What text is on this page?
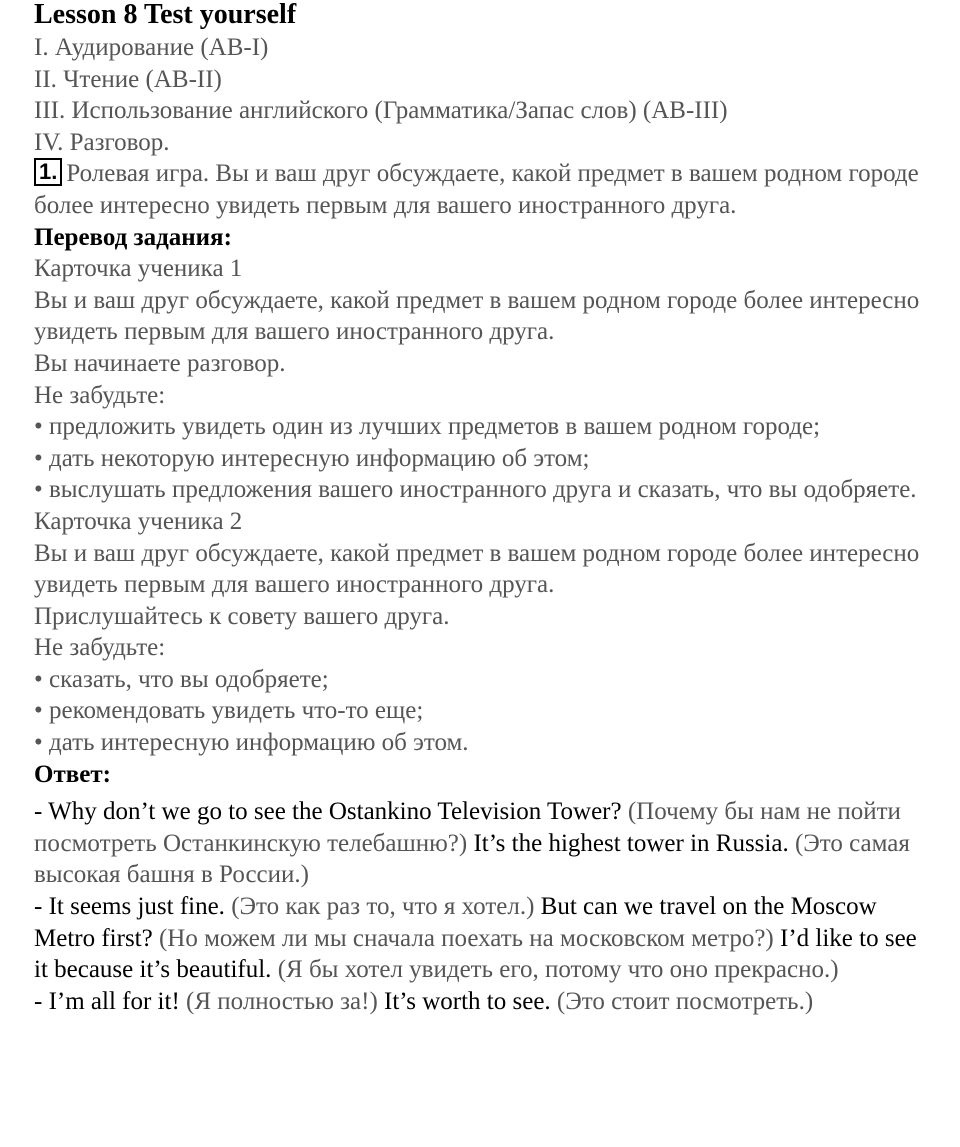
Lesson 8 Test yourself

I. Аудирование (AB-I)

II. Чтение (AB-II)

III. Использование английского (Грамматика/Запас слов) (AB-III)

IV. Разговор.

1. Ролевая игра. Вы и ваш друг обсуждаете, какой предмет в вашем родном городе более интересно увидеть первым для вашего иностранного друга.

Перевод задания:

Карточка ученика 1

Вы и ваш друг обсуждаете, какой предмет в вашем родном городе более интересно увидеть первым для вашего иностранного друга.

Вы начинаете разговор.

Не забудьте:

• предложить увидеть один из лучших предметов в вашем родном городе;

• дать некоторую интересную информацию об этом;

• выслушать предложения вашего иностранного друга и сказать, что вы одобряете.

Карточка ученика 2

Вы и ваш друг обсуждаете, какой предмет в вашем родном городе более интересно увидеть первым для вашего иностранного друга.

Прислушайтесь к совету вашего друга.

Не забудьте:

• сказать, что вы одобряете;

• рекомендовать увидеть что-то еще;

• дать интересную информацию об этом.

Ответ:

- Why don’t we go to see the Ostankino Television Tower? (Почему бы нам не пойти посмотреть Останкинскую телебашню?) It’s the highest tower in Russia. (Это самая высокая башня в России.)

- It seems just fine. (Это как раз то, что я хотел.) But can we travel on the Moscow Metro first? (Но можем ли мы сначала поехать на московском метро?) I’d like to see it because it’s beautiful. (Я бы хотел увидеть его, потому что оно прекрасно.)

- I’m all for it! (Я полностью за!) It’s worth to see. (Это стоит посмотреть.)
